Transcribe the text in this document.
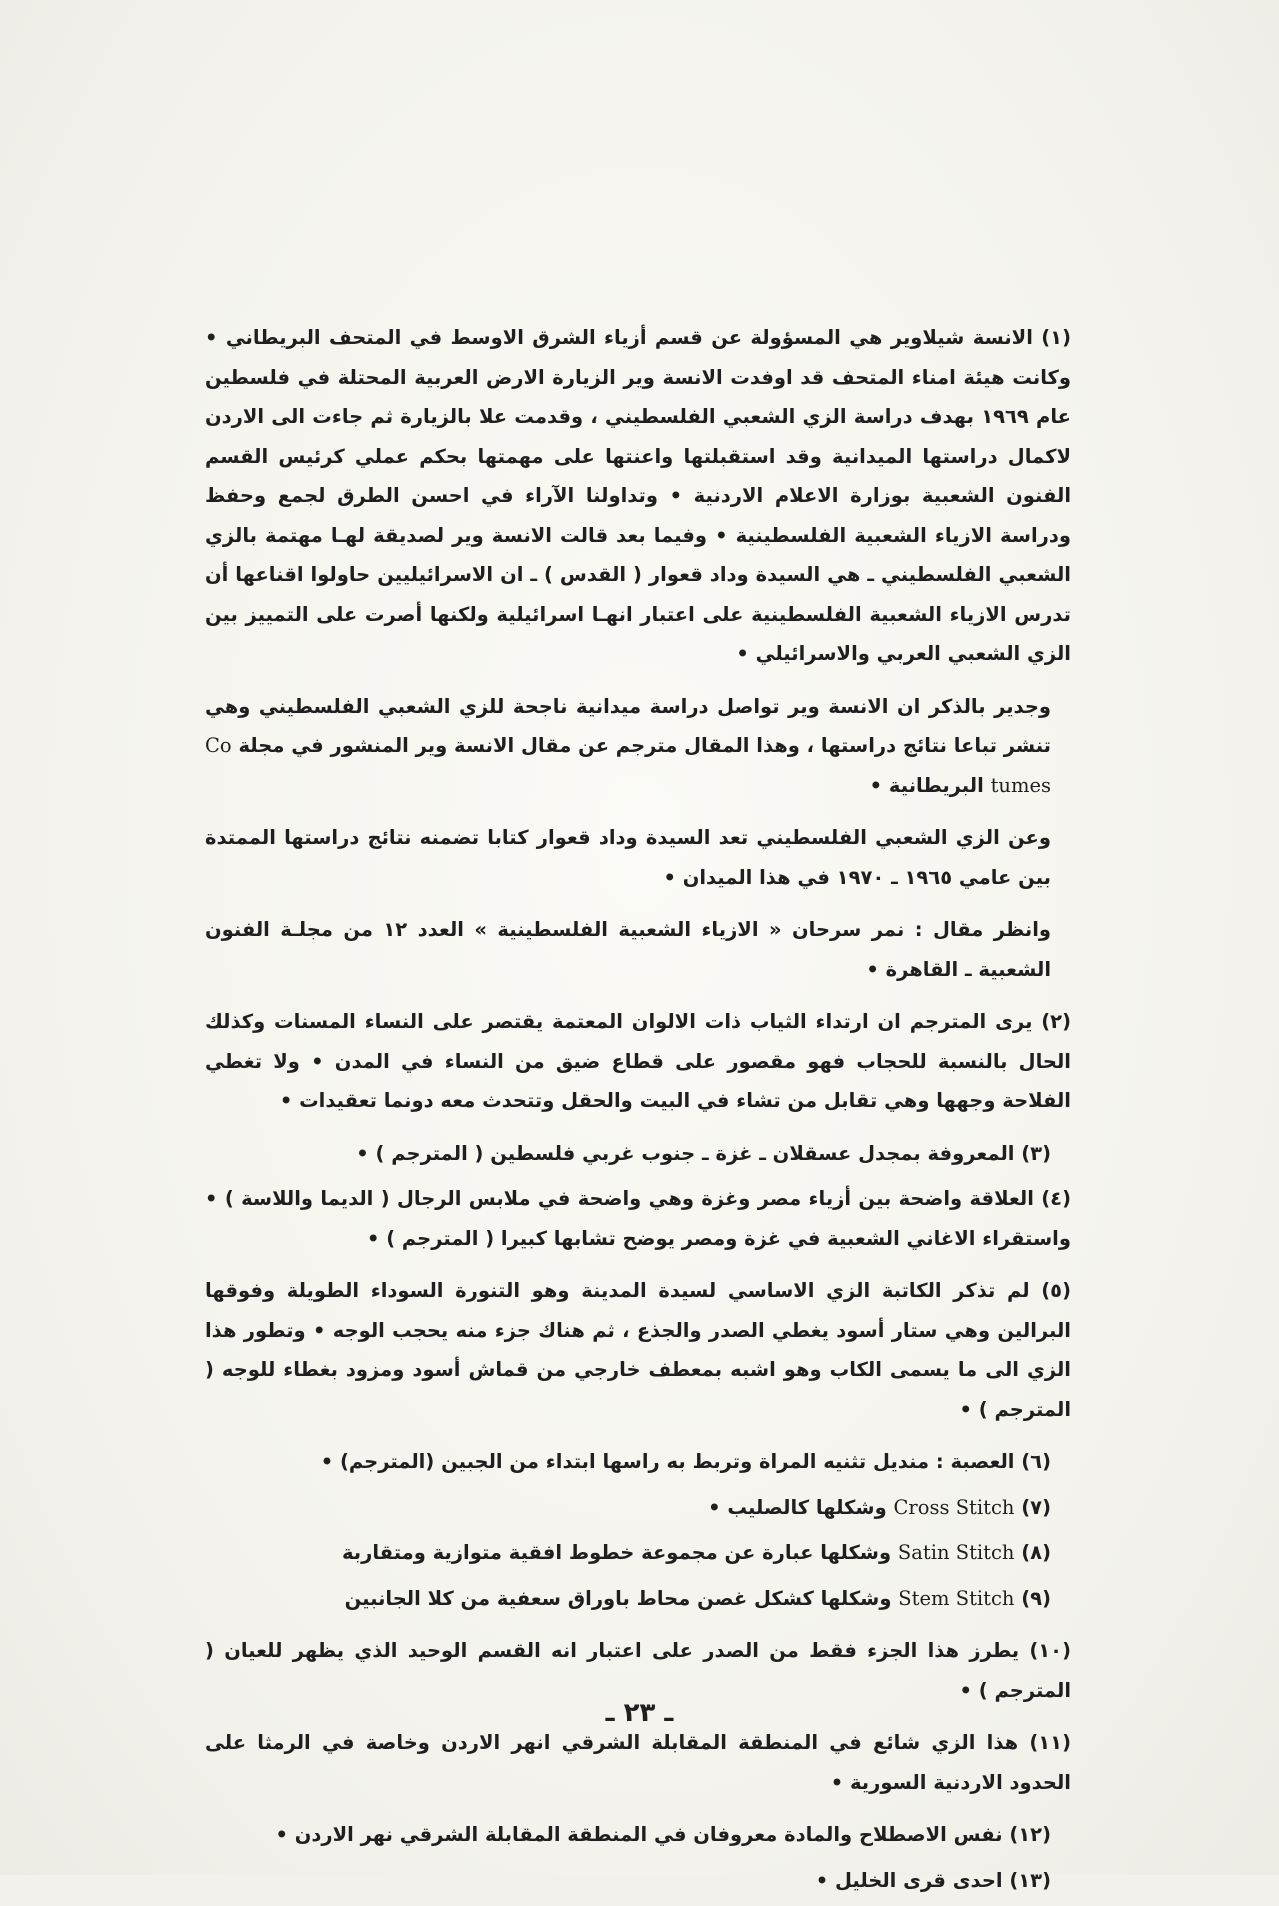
(١) الانسة شيلاوير هي المسؤولة عن قسم أزياء الشرق الاوسط في المتحف البريطاني • وكانت هيئة امناء المتحف قد اوفدت الانسة وير الزيارة الارض العربية المحتلة في فلسطين عام ١٩٦٩ بهدف دراسة الزي الشعبي الفلسطيني ، وقدمت علا بالزيارة ثم جاءت الى الاردن لاكمال دراستها الميدانية وقد استقبلتها واعنتها على مهمتها بحكم عملي كرئيس القسم الفنون الشعبية بوزارة الاعلام الاردنية • وتداولنا الآراء في احسن الطرق لجمع وحفظ ودراسة الازياء الشعبية الفلسطينية • وفيما بعد قالت الانسة وير لصديقة لهـا مهتمة بالزي الشعبي الفلسطيني ـ هي السيدة وداد قعوار ( القدس ) ـ ان الاسرائيليين حاولوا اقناعها أن تدرس الازياء الشعبية الفلسطينية على اعتبار انهـا اسرائيلية ولكنها أصرت على التمييز بين الزي الشعبي العربي والاسرائيلي •

وجدير بالذكر ان الانسة وير تواصل دراسة ميدانية ناجحة للزي الشعبي الفلسطيني وهي تنشر تباعا نتائج دراستها ، وهذا المقال مترجم عن مقال الانسة وير المنشور في مجلة Co tumes البريطانية •

وعن الزي الشعبي الفلسطيني تعد السيدة وداد قعوار كتابا تضمنه نتائج دراستها الممتدة بين عامي ١٩٦٥ ـ ١٩٧٠ في هذا الميدان •

وانظر مقال : نمر سرحان « الازياء الشعبية الفلسطينية » العدد ١٢ من مجلـة الفنون الشعبية ـ القاهرة •

(٢) يرى المترجم ان ارتداء الثياب ذات الالوان المعتمة يقتصر على النساء المسنات وكذلك الحال بالنسبة للحجاب فهو مقصور على قطاع ضيق من النساء في المدن • ولا تغطي الفلاحة وجهها وهي تقابل من تشاء في البيت والحقل وتتحدث معه دونما تعقيدات •

(٣) المعروفة بمجدل عسقلان ـ غزة ـ جنوب غربي فلسطين ( المترجم ) •

(٤) العلاقة واضحة بين أزياء مصر وغزة وهي واضحة في ملابس الرجال ( الديما واللاسة ) • واستقراء الاغاني الشعبية في غزة ومصر يوضح تشابها كبيرا ( المترجم ) •

(٥) لم تذكر الكاتبة الزي الاساسي لسيدة المدينة وهو التنورة السوداء الطويلة وفوقها البرالين وهي ستار أسود يغطي الصدر والجذع ، ثم هناك جزء منه يحجب الوجه • وتطور هذا الزي الى ما يسمى الكاب وهو اشبه بمعطف خارجي من قماش أسود ومزود بغطاء للوجه ( المترجم ) •

(٦) العصبة : منديل تثنيه المراة وتربط به راسها ابتداء من الجبين (المترجم) •

(٧) Cross Stitch وشكلها كالصليب •

(٨) Satin Stitch وشكلها عبارة عن مجموعة خطوط افقية متوازية ومتقاربة

(٩) Stem Stitch وشكلها كشكل غصن محاط باوراق سعفية من كلا الجانبين

(١٠) يطرز هذا الجزء فقط من الصدر على اعتبار انه القسم الوحيد الذي يظهر للعيان ( المترجم ) •

(١١) هذا الزي شائع في المنطقة المقابلة الشرقي انهر الاردن وخاصة في الرمثا على الحدود الاردنية السورية •

(١٢) نفس الاصطلاح والمادة معروفان في المنطقة المقابلة الشرقي نهر الاردن •

(١٣) احدى قرى الخليل •

ـ ٢٣ ـ
